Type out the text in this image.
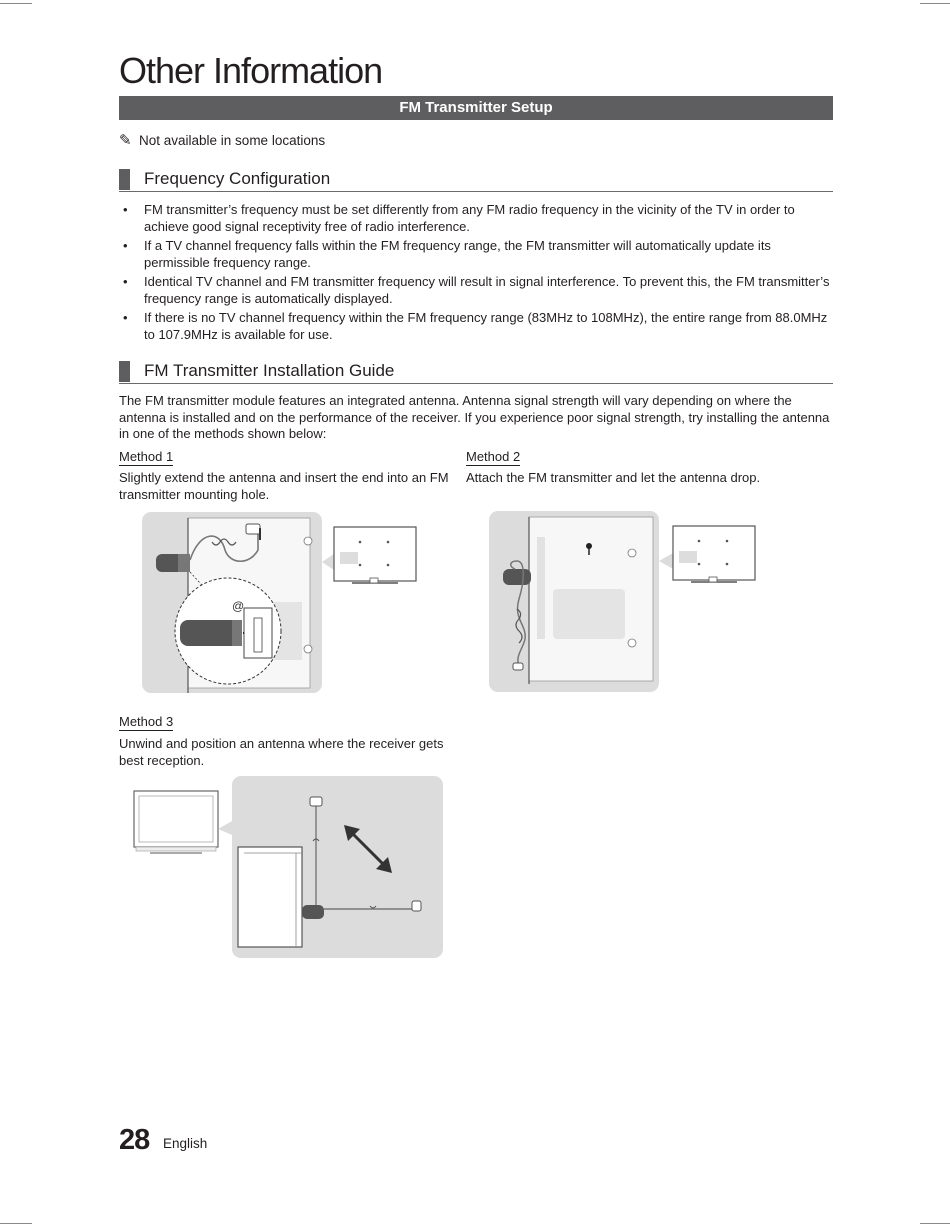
Other Information
FM Transmitter Setup
✎ Not available in some locations
Frequency Configuration
• FM transmitter’s frequency must be set differently from any FM radio frequency in the vicinity of the TV in order to achieve good signal receptivity free of radio interference.
• If a TV channel frequency falls within the FM frequency range, the FM transmitter will automatically update its permissible frequency range.
• Identical TV channel and FM transmitter frequency will result in signal interference. To prevent this, the FM transmitter’s frequency range is automatically displayed.
• If there is no TV channel frequency within the FM frequency range (83MHz to 108MHz), the entire range from 88.0MHz to 107.9MHz is available for use.
FM Transmitter Installation Guide

The FM transmitter module features an integrated antenna. Antenna signal strength will vary depending on where the antenna is installed and on the performance of the receiver. If you experience poor signal strength, try installing the antenna in one of the methods shown below:

Method 1

Slightly extend the antenna and insert the end into an FM transmitter mounting hole.

Method 2

Attach the FM transmitter and let the antenna drop.

@
Method 3

Unwind and position an antenna where the receiver gets best reception.

28 English
